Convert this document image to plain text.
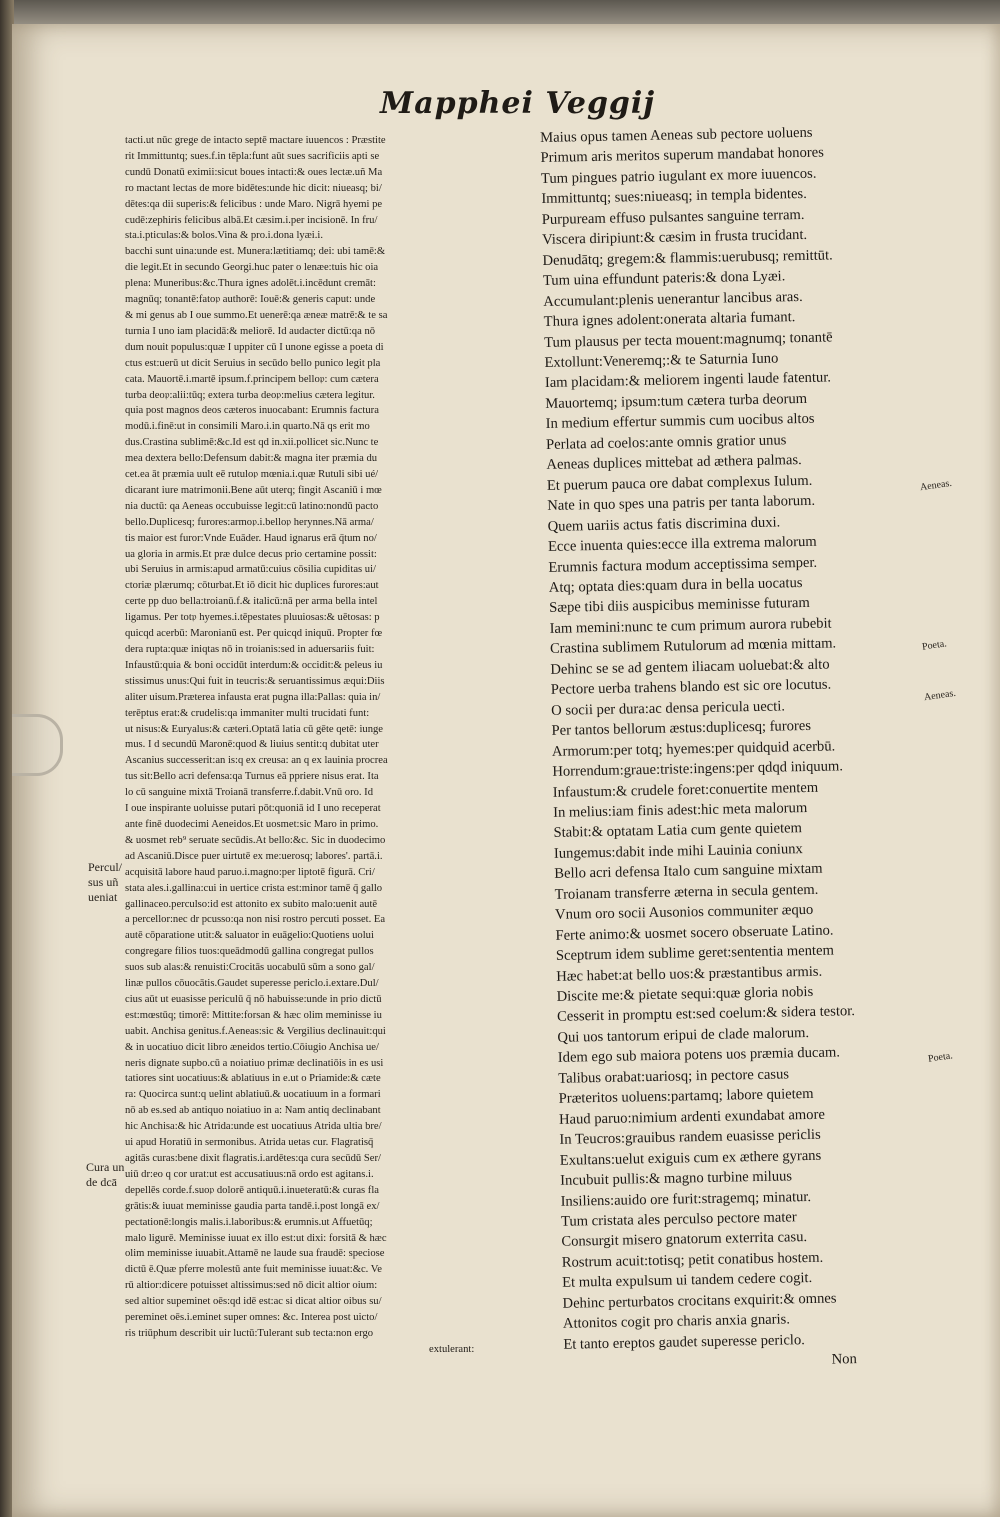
Mapphei Veggij
tacti.ut nūc grege de intacto septē mactare iuuencos : Præstite
rit Immittuntq; sues.f.in tēpla:funt aūt sues sacrificiis apti se
cundū Donatū eximii:sicut boues intacti:& oues lectæ.uñ Ma
ro mactant lectas de more bidētes:unde hic dicit: niueasq; bi/
dētes:qa dii superis:& felicibus : unde Maro. Nigrā hyemi pe
cudē:zephiris felicibus albā.Et cæsim.i.per incisionē. In fru/
sta.i.pticulas:& bolos.Vina & pro.i.dona lyæi.i.
bacchi sunt uina:unde est. Munera:lætitiamq; dei: ubi tamē:&
die legit.Et in secundo Georgi.huc pater o lenæe:tuis hic oia
plena: Muneribus:&c.Thura ignes adolēt.i.incēdunt cremāt:
magnūq; tonantē:fato𝔭 authorē: Iouē:& generis caput: unde
& mi genus ab I oue summo.Et uenerē:qa æneæ matrē:& te sa
turnia I uno iam placidā:& meliorē. Id audacter dictū:qa nō
dum nouit populus:quæ I uppiter cū I unone egisse a poeta di
ctus est:uerū ut dicit Seruius in secūdo bello punico legit pla
cata. Mauortē.i.martē ipsum.f.principem bello𝔭: cum cætera
turba deo𝔭:alii:tūq; extera turba deo𝔭:melius cætera legitur.
quia post magnos deos cæteros inuocabant: Erumnis factura
modū.i.finē:ut in consimili Maro.i.in quarto.Nā qs erit mo
dus.Crastina sublimē:&c.Id est qd in.xii.pollicet sic.Nunc te
mea dextera bello:Defensum dabit:& magna iter præmia du
cet.ea āt præmia uult eē rutulo𝔭 mœnia.i.quæ Rutuli sibi ué/
dicarant iure matrimonii.Bene aūt uterq; fingit Ascaniū i mœ
nia ductū: qa Aeneas occubuisse legit:cū latino:nondū pacto
bello.Duplicesq; furores:armo𝔭.i.bello𝔭 herynnes.Nā arma/
tis maior est furor:Vnde Euāder. Haud ignarus erā q̄tum no/
ua gloria in armis.Et præ dulce decus prio certamine possit:
ubi Seruius in armis:apud armatū:cuius cōsilia cupiditas ui/
ctoriæ plærumq; cōturbat.Et iō dicit hic duplices furores:aut
certe pp duo bella:troianū.f.& italicū:nā per arma bella intel
ligamus. Per tot𝔭 hyemes.i.tēpestates pluuiosas:& uētosas: p
quicqd acerbū: Maronianū est. Per quicqd iniquū. Propter fœ
dera rupta:quæ iniqtas nō in troianis:sed in aduersariis fuit:
Infaustū:quia & boni occidūt interdum:& occidit:& peleus iu
stissimus unus:Qui fuit in teucris:& seruantissimus æqui:Diis
aliter uisum.Præterea infausta erat pugna illa:Pallas: quia in/
terēptus erat:& crudelis:qa immaniter multi trucidati funt:
ut nisus:& Euryalus:& cæteri.Optatā latia cū gēte qetē: iunge
mus. I d secundū Maronē:quod & liuius sentit:q dubitat uter
Ascanius successerit:an is:q ex creusa: an q ex lauinia procrea
tus sit:Bello acri defensa:qa Turnus eā ppriere nisus erat. Ita
lo cū sanguine mixtā Troianā transferre.f.dabit.Vnū oro. Id
I oue inspirante uoluisse putari pōt:quoniā id I uno receperat
ante finē duodecimi Aeneidos.Et uosmet:sic Maro in primo.
& uosmet reb⁹ seruate secūdis.At bello:&c. Sic in duodecimo
ad Ascaniū.Disce puer uirtutē ex me:uerosq; labores'. partā.i.
acquisitā labore haud paruo.i.magno:per liptotē figurā. Cri/
stata ales.i.gallina:cui in uertice crista est:minor tamē q̄ gallo
gallinaceo.perculso:id est attonito ex subito malo:uenit autē
a percellor:nec dr pcusso:qa non nisi rostro percuti posset. Ea
autē cōparatione utit:& saluator in euāgelio:Quotiens uolui
congregare filios tuos:queādmodū gallina congregat pullos
suos sub alas:& renuisti:Crocitās uocabulū sūm a sono gal/
linæ pullos cōuocātis.Gaudet superesse periclo.i.extare.Dul/
cius aūt ut euasisse periculū q̄ nō habuisse:unde in prio dictū
est:mœstūq; timorē: Mittite:forsan & hæc olim meminisse iu
uabit. Anchisa genitus.f.Aeneas:sic & Vergilius declinauit:qui
& in uocatiuo dicit libro æneidos tertio.Cōiugio Anchisa ue/
neris dignate supbo.cū a noiatiuo primæ declinatiōis in es usi
tatiores sint uocatiuus:& ablatiuus in e.ut o Priamide:& cæte
ra: Quocirca sunt:q uelint ablatiuū.& uocatiuum in a formari
nō ab es.sed ab antiquo noiatiuo in a: Nam antiq declinabant
hic Anchisa:& hic Atrida:unde est uocatiuus Atrida ultia bre/
ui apud Horatiū in sermonibus. Atrida uetas cur. Flagratisq̄
agitās curas:bene dixit flagratis.i.ardētes:qa cura secūdū Ser/
uiū dr:eo q cor urat:ut est accusatiuus:nā ordo est agitans.i.
depellēs corde.f.suo𝔭 dolorē antiquū.i.inueteratū:& curas fla
grātis:& iuuat meminisse gaudia parta tandē.i.post longā ex/
pectationē:longis malis.i.laboribus:& erumnis.ut Affuetūq;
malo ligurē. Meminisse iuuat ex illo est:ut dixi: forsitā & hæc
olim meminisse iuuabit.Attamē ne laude sua fraudē: speciose
dictū ē.Quæ pferre molestū ante fuit meminisse iuuat:&c. Ve
rū altior:dicere potuisset altissimus:sed nō dicit altior oium:
sed altior supeminet oēs:qd idē est:ac si dicat altior oibus su/
pereminet oēs.i.eminet super omnes: &c. Interea post uicto/
ris triūphum describit uir luctū:Tulerant sub tecta:non ergo
extulerant:
Maius opus tamen Aeneas sub pectore uoluens
Primum aris meritos superum mandabat honores
Tum pingues patrio iugulant ex more iuuencos.
Immittuntq; sues:niueasq; in templa bidentes.
Purpuream effuso pulsantes sanguine terram.
Viscera diripiunt:& cæsim in frusta trucidant.
Denudātq; gregem:& flammis:uerubusq; remittūt.
Tum uina effundunt pateris:& dona Lyæi.
Accumulant:plenis uenerantur lancibus aras.
Thura ignes adolent:onerata altaria fumant.
Tum plausus per tecta mouent:magnumq; tonantē
Extollunt:Veneremq;:& te Saturnia Iuno
Iam placidam:& meliorem ingenti laude fatentur.
Mauortemq; ipsum:tum cætera turba deorum
In medium effertur summis cum uocibus altos
Perlata ad coelos:ante omnis gratior unus
Aeneas duplices mittebat ad æthera palmas.
Et puerum pauca ore dabat complexus Iulum.
Nate in quo spes una patris per tanta laborum.
Quem uariis actus fatis discrimina duxi.
Ecce inuenta quies:ecce illa extrema malorum
Erumnis factura modum acceptissima semper.
Atq; optata dies:quam dura in bella uocatus
Sæpe tibi diis auspicibus meminisse futuram
Iam memini:nunc te cum primum aurora rubebit
Crastina sublimem Rutulorum ad mœnia mittam.
Dehinc se se ad gentem iliacam uoluebat:& alto
Pectore uerba trahens blando est sic ore locutus.
O socii per dura:ac densa pericula uecti.
Per tantos bellorum æstus:duplicesq; furores
Armorum:per totq; hyemes:per quidquid acerbū.
Horrendum:graue:triste:ingens:per qdqd iniquum.
Infaustum:& crudele foret:conuertite mentem
In melius:iam finis adest:hic meta malorum
Stabit:& optatam Latia cum gente quietem
Iungemus:dabit inde mihi Lauinia coniunx
Bello acri defensa Italo cum sanguine mixtam
Troianam transferre æterna in secula gentem.
Vnum oro socii Ausonios communiter æquo
Ferte animo:& uosmet socero obseruate Latino.
Sceptrum idem sublime geret:sententia mentem
Hæc habet:at bello uos:& præstantibus armis.
Discite me:& pietate sequi:quæ gloria nobis
Cesserit in promptu est:sed coelum:& sidera testor.
Qui uos tantorum eripui de clade malorum.
Idem ego sub maiora potens uos præmia ducam.
Talibus orabat:uariosq; in pectore casus
Præteritos uoluens:partamq; labore quietem
Haud paruo:nimium ardenti exundabat amore
In Teucros:grauibus randem euasisse periclis
Exultans:uelut exiguis cum ex æthere gyrans
Incubuit pullis:& magno turbine miluus
Insiliens:auido ore furit:stragemq; minatur.
Tum cristata ales perculso pectore mater
Consurgit misero gnatorum exterrita casu.
Rostrum acuit:totisq; petit conatibus hostem.
Et multa expulsum ui tandem cedere cogit.
Dehinc perturbatos crocitans exquirit:& omnes
Attonitos cogit pro charis anxia gnaris.
Et tanto ereptos gaudet superesse periclo.
Non
Percul/
sus uñ
ueniat
Cura un
de dcā
Aeneas.
Poeta.
Aeneas.
Poeta.
